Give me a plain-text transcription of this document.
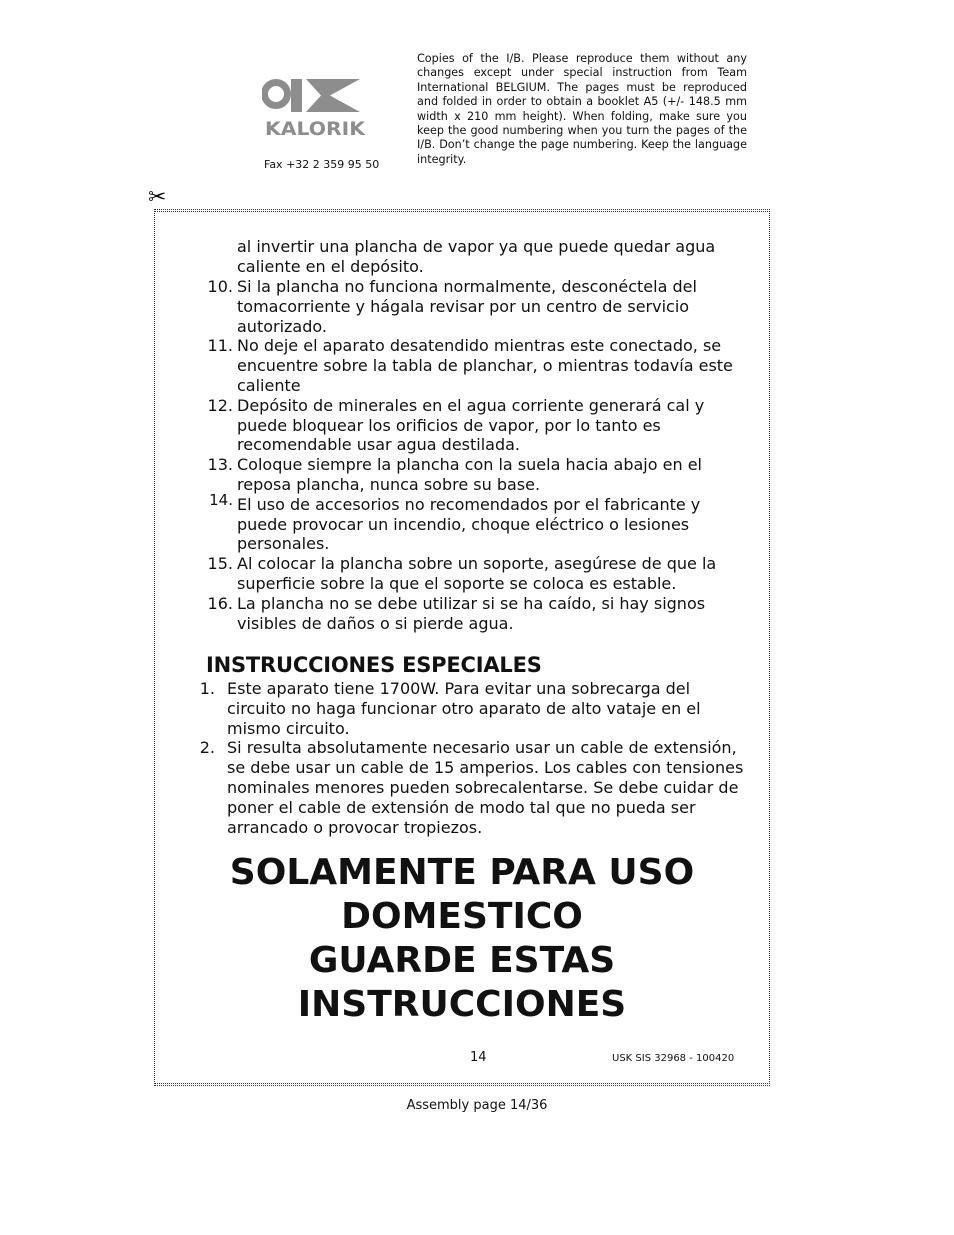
KALORIK
Fax +32 2 359 95 50

Copies of the I/B. Please reproduce them without any changes except under special instruction from Team International BELGIUM. The pages must be reproduced and folded in order to obtain a booklet A5 (+/- 148.5 mm width x 210 mm height). When folding, make sure you keep the good numbering when you turn the pages of the I/B. Don’t change the page numbering. Keep the language integrity.

✂

al invertir una plancha de vapor ya que puede quedar agua caliente en el depósito.

10. Si la plancha no funciona normalmente, desconéctela del tomacorriente y hágala revisar por un centro de servicio autorizado.
11. No deje el aparato desatendido mientras este conectado, se encuentre sobre la tabla de planchar, o mientras todavía este caliente
12. Depósito de minerales en el agua corriente generará cal y puede bloquear los orificios de vapor, por lo tanto es recomendable usar agua destilada.
13. Coloque siempre la plancha con la suela hacia abajo en el reposa plancha, nunca sobre su base.
14. El uso de accesorios no recomendados por el fabricante y puede provocar un incendio, choque eléctrico o lesiones personales.
15. Al colocar la plancha sobre un soporte, asegúrese de que la superficie sobre la que el soporte se coloca es estable.
16. La plancha no se debe utilizar si se ha caído, si hay signos visibles de daños o si pierde agua.
INSTRUCCIONES ESPECIALES
1. Este aparato tiene 1700W. Para evitar una sobrecarga del circuito no haga funcionar otro aparato de alto vataje en el mismo circuito.
2. Si resulta absolutamente necesario usar un cable de extensión, se debe usar un cable de 15 amperios. Los cables con tensiones nominales menores pueden sobrecalentarse. Se debe cuidar de poner el cable de extensión de modo tal que no pueda ser arrancado o provocar tropiezos.
SOLAMENTE PARA USO
DOMESTICO
GUARDE ESTAS INSTRUCCIONES
14	USK SIS 32968 - 100420
Assembly page 14/36
